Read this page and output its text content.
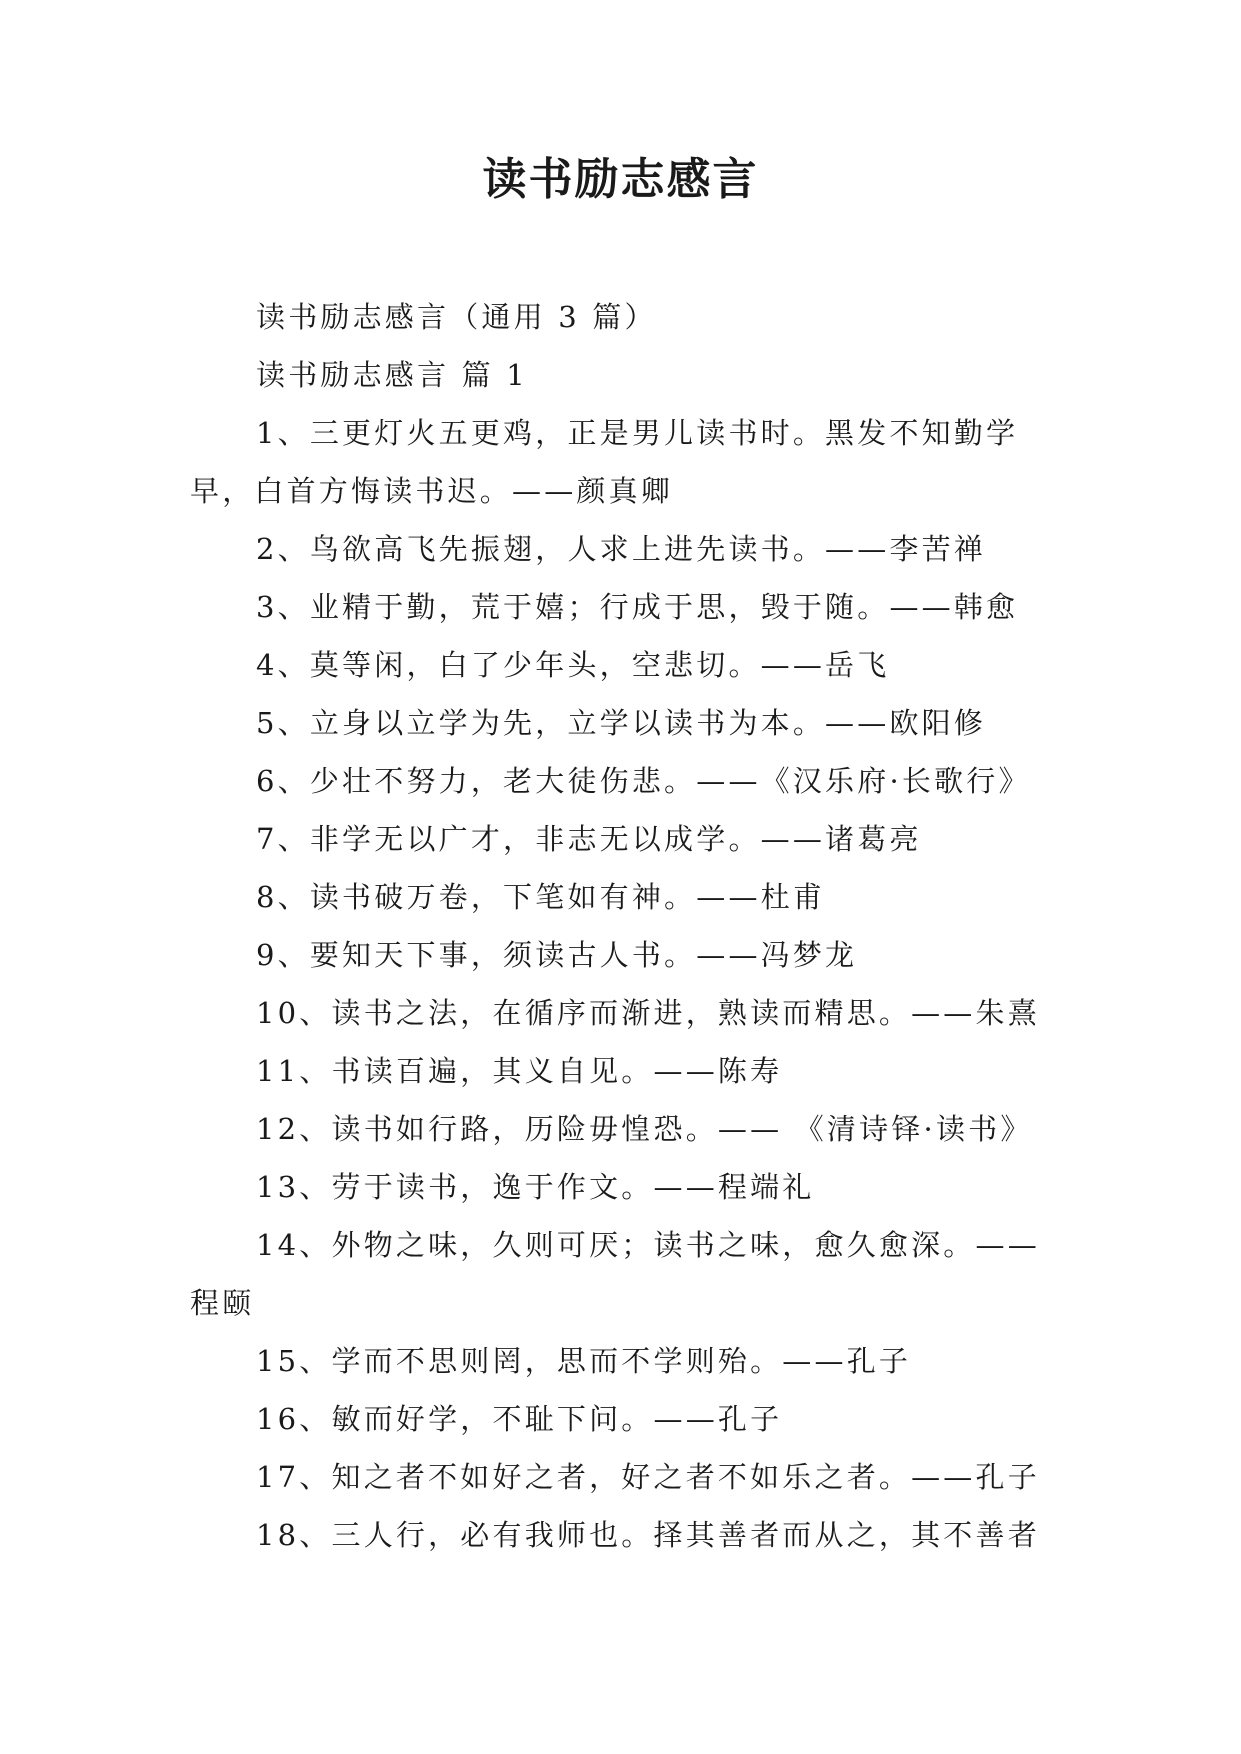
读书励志感言

读书励志感言（通用 3 篇）

读书励志感言 篇 1

1、三更灯火五更鸡，正是男儿读书时。黑发不知勤学早，白首方悔读书迟。——颜真卿

2、鸟欲高飞先振翅，人求上进先读书。——李苦禅

3、业精于勤，荒于嬉；行成于思，毁于随。——韩愈

4、莫等闲，白了少年头，空悲切。——岳飞

5、立身以立学为先，立学以读书为本。——欧阳修

6、少壮不努力，老大徒伤悲。——《汉乐府·长歌行》

7、非学无以广才，非志无以成学。——诸葛亮

8、读书破万卷，下笔如有神。——杜甫

9、要知天下事，须读古人书。——冯梦龙

10、读书之法，在循序而渐进，熟读而精思。——朱熹

11、书读百遍，其义自见。——陈寿

12、读书如行路，历险毋惶恐。—— 《清诗铎·读书》

13、劳于读书，逸于作文。——程端礼

14、外物之味，久则可厌；读书之味，愈久愈深。——程颐

15、学而不思则罔，思而不学则殆。——孔子

16、敏而好学，不耻下问。——孔子

17、知之者不如好之者，好之者不如乐之者。——孔子

18、三人行，必有我师也。择其善者而从之，其不善者
